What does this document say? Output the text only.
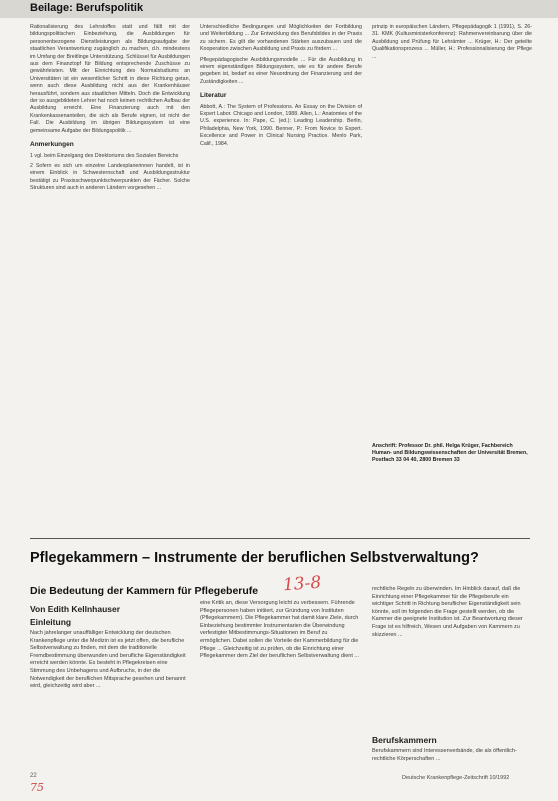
Beilage: Berufspolitik

Rationalisierung des Lehrstoffes statt und fällt mit der bildungspolitischen Einbeziehung, die Ausbildungen für personenbezogene Dienstleistungen als Bildungsaufgabe der staatlichen Verantwortung zugänglich zu machen, d.h. mindestens im Umfang der Breitlinge Unterstützung. Schlüssel für Ausbildungen aus dem Finanztopf für Bildung entsprechende Zuschüsse zu gewährleisten. Mit der Einrichtung des Normalstudiums an Universitäten ist ein wesentlicher Schritt in diese Richtung getan, wenn auch diese Ausbildung nicht aus der Krankenhäuser herausführt, sondern aus staatlichen Mitteln. Doch die Entwicklung der so ausgebildeten Lehrer hat noch keinen rechtlichen Aufbau der Ausbildung erreicht. Eine Finanzierung auch mit den Krankenkassenanteilen, die sich als Berufe eignen, ist nicht der Fall. Die Ausbildung im übrigen Bildungssystem ist eine gemeinsame Aufgabe der Bildungspolitik ...

Anmerkungen

1 vgl. beim Einzelgang des Direktoriums des Sozialen Bereichs

2 Sofern es sich um einzelne Landesplanerinnen handelt, ist in einem Einblick in Schwesternschaft und Ausbildungsstruktur bestätigt zu Praxisschwerpunktschwerpunkten der Fächer. Solche Strukturen sind auch in anderen Ländern vorgesehen ...

Unterschiedliche Bedingungen und Möglichkeiten der Fortbildung und Weiterbildung ... Zur Entwicklung des Berufsbildes in der Praxis zu sichern. Es gilt die vorhandenen Stärken auszubauen und die Kooperation zwischen Ausbildung und Praxis zu fördern ...

Pflegepädagogische Ausbildungsmodelle ... Für die Ausbildung in einem eigenständigen Bildungssystem, wie es für andere Berufe gegeben ist, bedarf es einer Neuordnung der Finanzierung und der Zuständigkeiten ...

Literatur

Abbott, A.: The System of Professions. An Essay on the Division of Expert Labor. Chicago and London, 1988. Allen, L.: Anatomies of the U.S. experience. In: Pape, C. (ed.): Leading Leadership. Berlin, Philadelphia, New York, 1990. Benner, P.: From Novice to Expert. Excellence and Power in Clinical Nursing Practice. Menlo Park, Calif., 1984.

prinzip in europäischen Ländern, Pflegepädagogik 1 (1991), S. 26-31. KMK (Kultusministerkonferenz): Rahmenvereinbarung über die Ausbildung und Prüfung für Lehrämter ... Krüger, H.: Der geteilte Qualifikationsprozess ... Müller, H.: Professionalisierung der Pflege ...

Anschrift: Professor Dr. phil. Helga Krüger, Fachbereich Human- und Bildungswissenschaften der Universität Bremen, Postfach 33 04 40, 2800 Bremen 33
Pflegekammern – Instrumente der beruflichen Selbstverwaltung?
Die Bedeutung der Kammern für Pflegeberufe
Von Edith Kellnhauser
13-8
Einleitung
Nach jahrelanger unauffälliger Entwicklung der deutschen Krankenpflege unter die Medizin ist es jetzt offen, die berufliche Selbstverwaltung zu finden, mit dem die traditionelle Fremdbestimmung überwunden und berufliche Eigenständigkeit erreicht werden könnte. Es besteht in Pflegekreisen eine Stimmung des Unbehagens und Aufbruchs, in der die Notwendigkeit der beruflichen Mitsprache gesehen und benannt wird, gleichzeitig wird aber ...
eine Kritik an, diese Versorgung leicht zu verbessern. Führende Pflegepersonen haben initiiert, zur Gründung von Instituten (Pflegekammern). Die Pflegekammer hat damit klare Ziele, durch Einbeziehung bestimmter Instrumentarien die Überwindung verfestigter Mitbestimmungs-Situationen im Beruf zu ermöglichen. Dabei sollen die Vorteile der Kammerbildung für die Pflege ... Gleichzeitig ist zu prüfen, ob die Einrichtung einer Pflegekammer dem Ziel der beruflichen Selbstverwaltung dient ...
rechtliche Regeln zu überwinden. Im Hinblick darauf, daß die Einrichtung einer Pflegekammer für die Pflegeberufe ein wichtiger Schritt in Richtung beruflicher Eigenständigkeit sein könnte, soll im folgenden die Frage gestellt werden, ob die Kammer die geeignete Institution ist. Zur Beantwortung dieser Frage ist es hilfreich, Wesen und Aufgaben von Kammern zu skizzieren ...
Berufskammern
Berufskammern sind Interessenverbände, die als öffentlich-rechtliche Körperschaften ...
22
75
Deutsche Krankenpflege-Zeitschrift 10/1992
